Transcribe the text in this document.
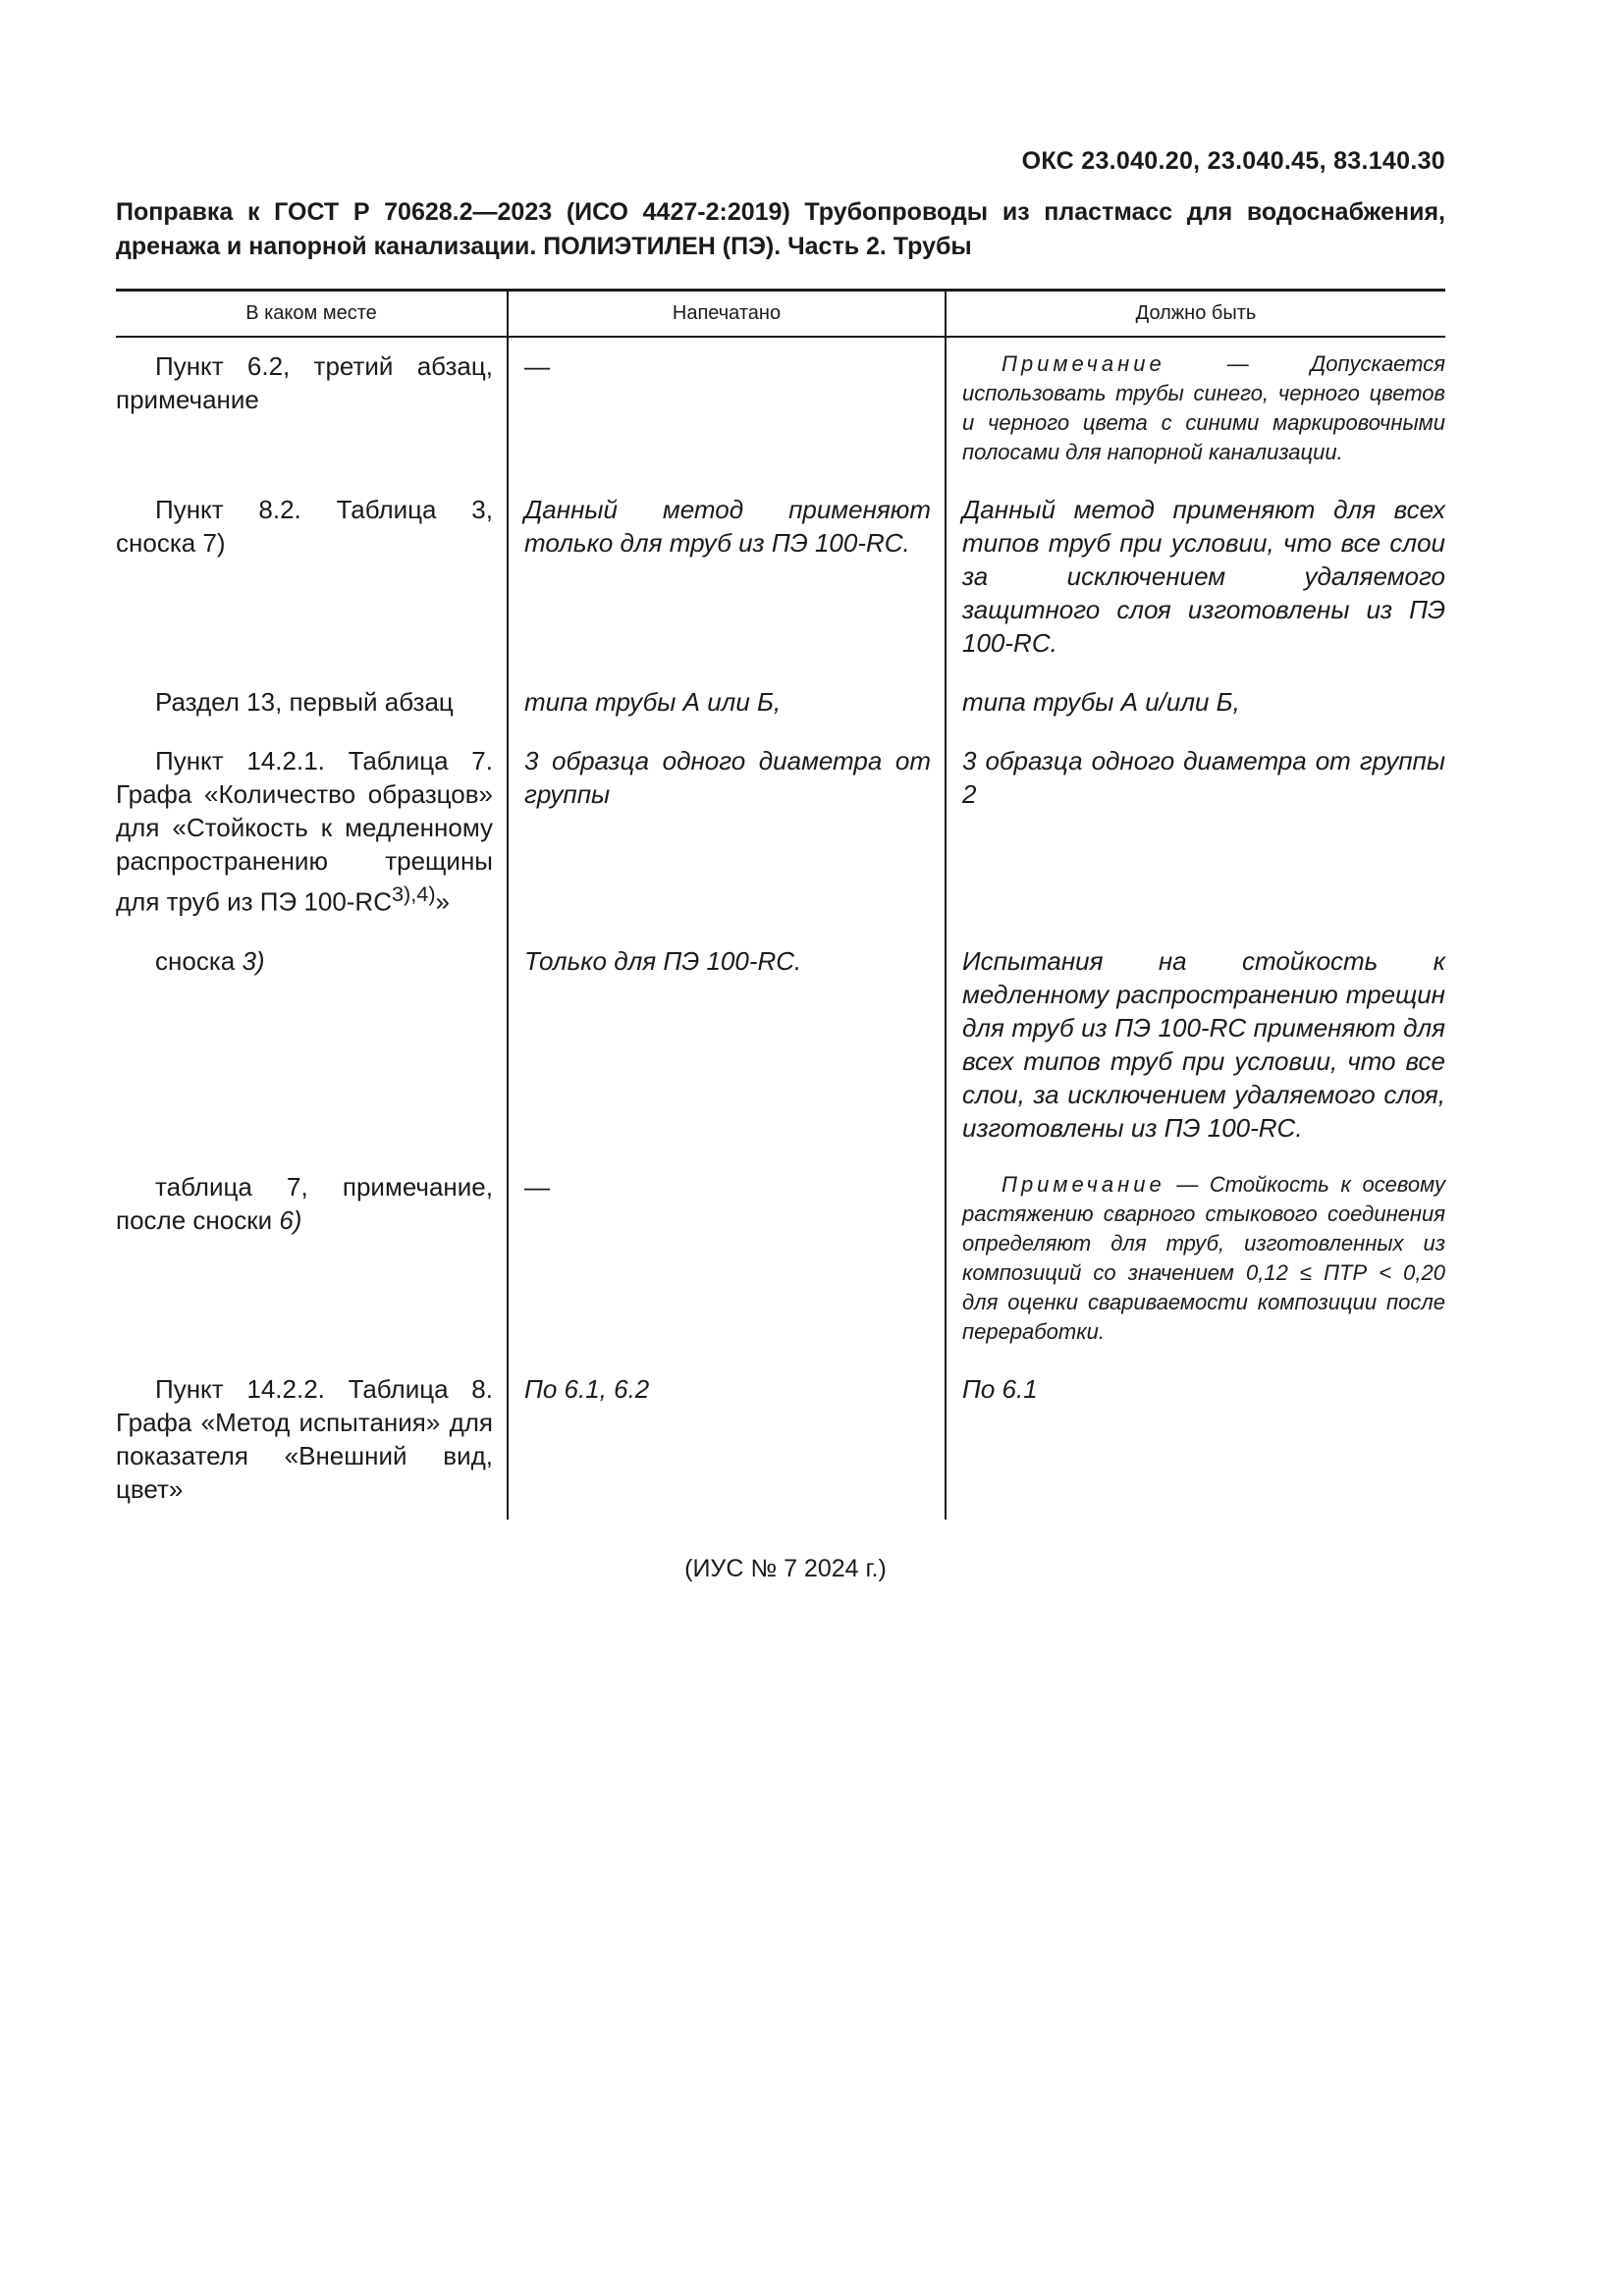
ОКС 23.040.20, 23.040.45, 83.140.30
Поправка к ГОСТ Р 70628.2—2023 (ИСО 4427-2:2019) Трубопроводы из пластмасс для водоснабжения, дренажа и напорной канализации. ПОЛИЭТИЛЕН (ПЭ). Часть 2. Трубы
В каком месте	Напечатано	Должно быть
Пункт 6.2, третий абзац, примечание	—	Примечание — Допускается использовать трубы синего, черного цветов и черного цвета с синими маркировочными полосами для напорной канализации.

Пункт 8.2. Таблица 3, сноска 7)	Данный метод применяют только для труб из ПЭ 100-RC.	Данный метод применяют для всех типов труб при условии, что все слои за исключением удаляемого защитного слоя изготовлены из ПЭ 100-RC.
Раздел 13, первый абзац	типа трубы А или Б,	типа трубы А и/или Б,
Пункт 14.2.1. Таблица 7. Графа «Количество образцов» для «Стойкость к медленному распространению трещины для труб из ПЭ $100-RC^{3),4)}$»	3 образца одного диаметра от группы	3 образца одного диаметра от группы 2
сноска 3)	Только для ПЭ 100-RC.	Испытания на стойкость к медленному распространению трещин для труб из ПЭ 100-RC применяют для всех типов труб при условии, что все слои, за исключением удаляемого слоя, изготовлены из ПЭ 100-RC.
таблица 7, примечание, после сноски 6)	—	Примечание — Стойкость к осевому растяжению сварного стыкового соединения определяют для труб, изготовленных из композиций со значением 0,12 ≤ ПТР < 0,20 для оценки свариваемости композиции после переработки.

Пункт 14.2.2. Таблица 8. Графа «Метод испытания» для показателя «Внешний вид, цвет»	По 6.1, 6.2	По 6.1
(ИУС № 7 2024 г.)
